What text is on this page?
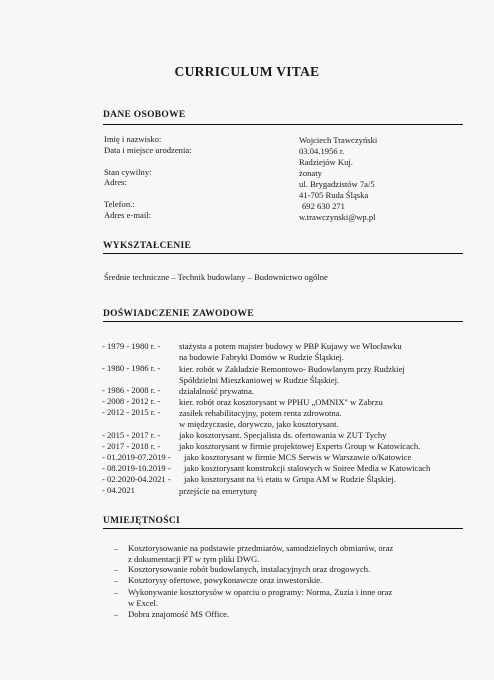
CURRICULUM VITAE
DANE OSOBOWE
Imię i nazwisko:
Data i miejsce urodzenia:
Stan cywilny:
Adres:
Telefon.:
Adres e-mail:
Wojciech Trawczyński
03.04.1956 r.
Radziejów Kuj.
żonaty
ul. Brygadzistów 7a/5
41-705 Ruda Śląska
692 630 271
w.trawczynski@wp.pl
WYKSZTAŁCENIE
Średnie techniczne – Technik budowlany – Budownictwo ogólne
DOŚWIADCZENIE ZAWODOWE
- 1979 - 1980 r. - stażysta a potem majster budowy w PBP Kujawy we Włocławku
na budowie Fabryki Domów w Rudzie Śląskiej.
- 1980 - 1986 r. - kier. robót w Zakładzie Remontowo- Budowlanym przy Rudzkiej
Spółdzielni Mieszkaniowej w Rudzie Śląskiej.
- 1986 - 2008 r. - działalność prywatna.
- 2008 - 2012 r. - kier. robót oraz kosztorysant w PPHU „OMNIX" w Zabrzu
- 2012 - 2015 r. - zasiłek rehabilitacyjny, potem renta zdrowotna.
w międzyczasie, dorywczo, jako kosztorysant.
- 2015 - 2017 r. - jako kosztorysant. Specjalista ds. ofertowania w ZUT Tychy
- 2017 - 2018 r. - jako kosztorysant w firmie projektowej Experts Group w Katowicach.
- 01.2019-07.2019 - jako kosztorysant w firmie MCS Serwis w Warszawie o/Katowice
- 08.2019-10.2019 - jako kosztorysant konstrukcji stalowych w Soiree Media w Katowicach
- 02.2020-04.2021 - jako kosztorysant na ½ etatu w Grupa AM w Rudzie Śląskiej.
- 04.2021	przejście na emeryturę
UMIEJĘTNOŚCI
– Kosztorysowanie na podstawie przedmiarów, samodzielnych obmiarów, oraz
z dokumentacji PT w tym pliki DWG.
– Kosztorysowanie robót budowlanych, instalacyjnych oraz drogowych.
– Kosztorysy ofertowe, powykonawcze oraz inwestorskie.
– Wykonywanie kosztorysów w oparciu o programy: Norma, Zuzia i inne oraz
w Excel.
– Dobra znajomość MS Office.
